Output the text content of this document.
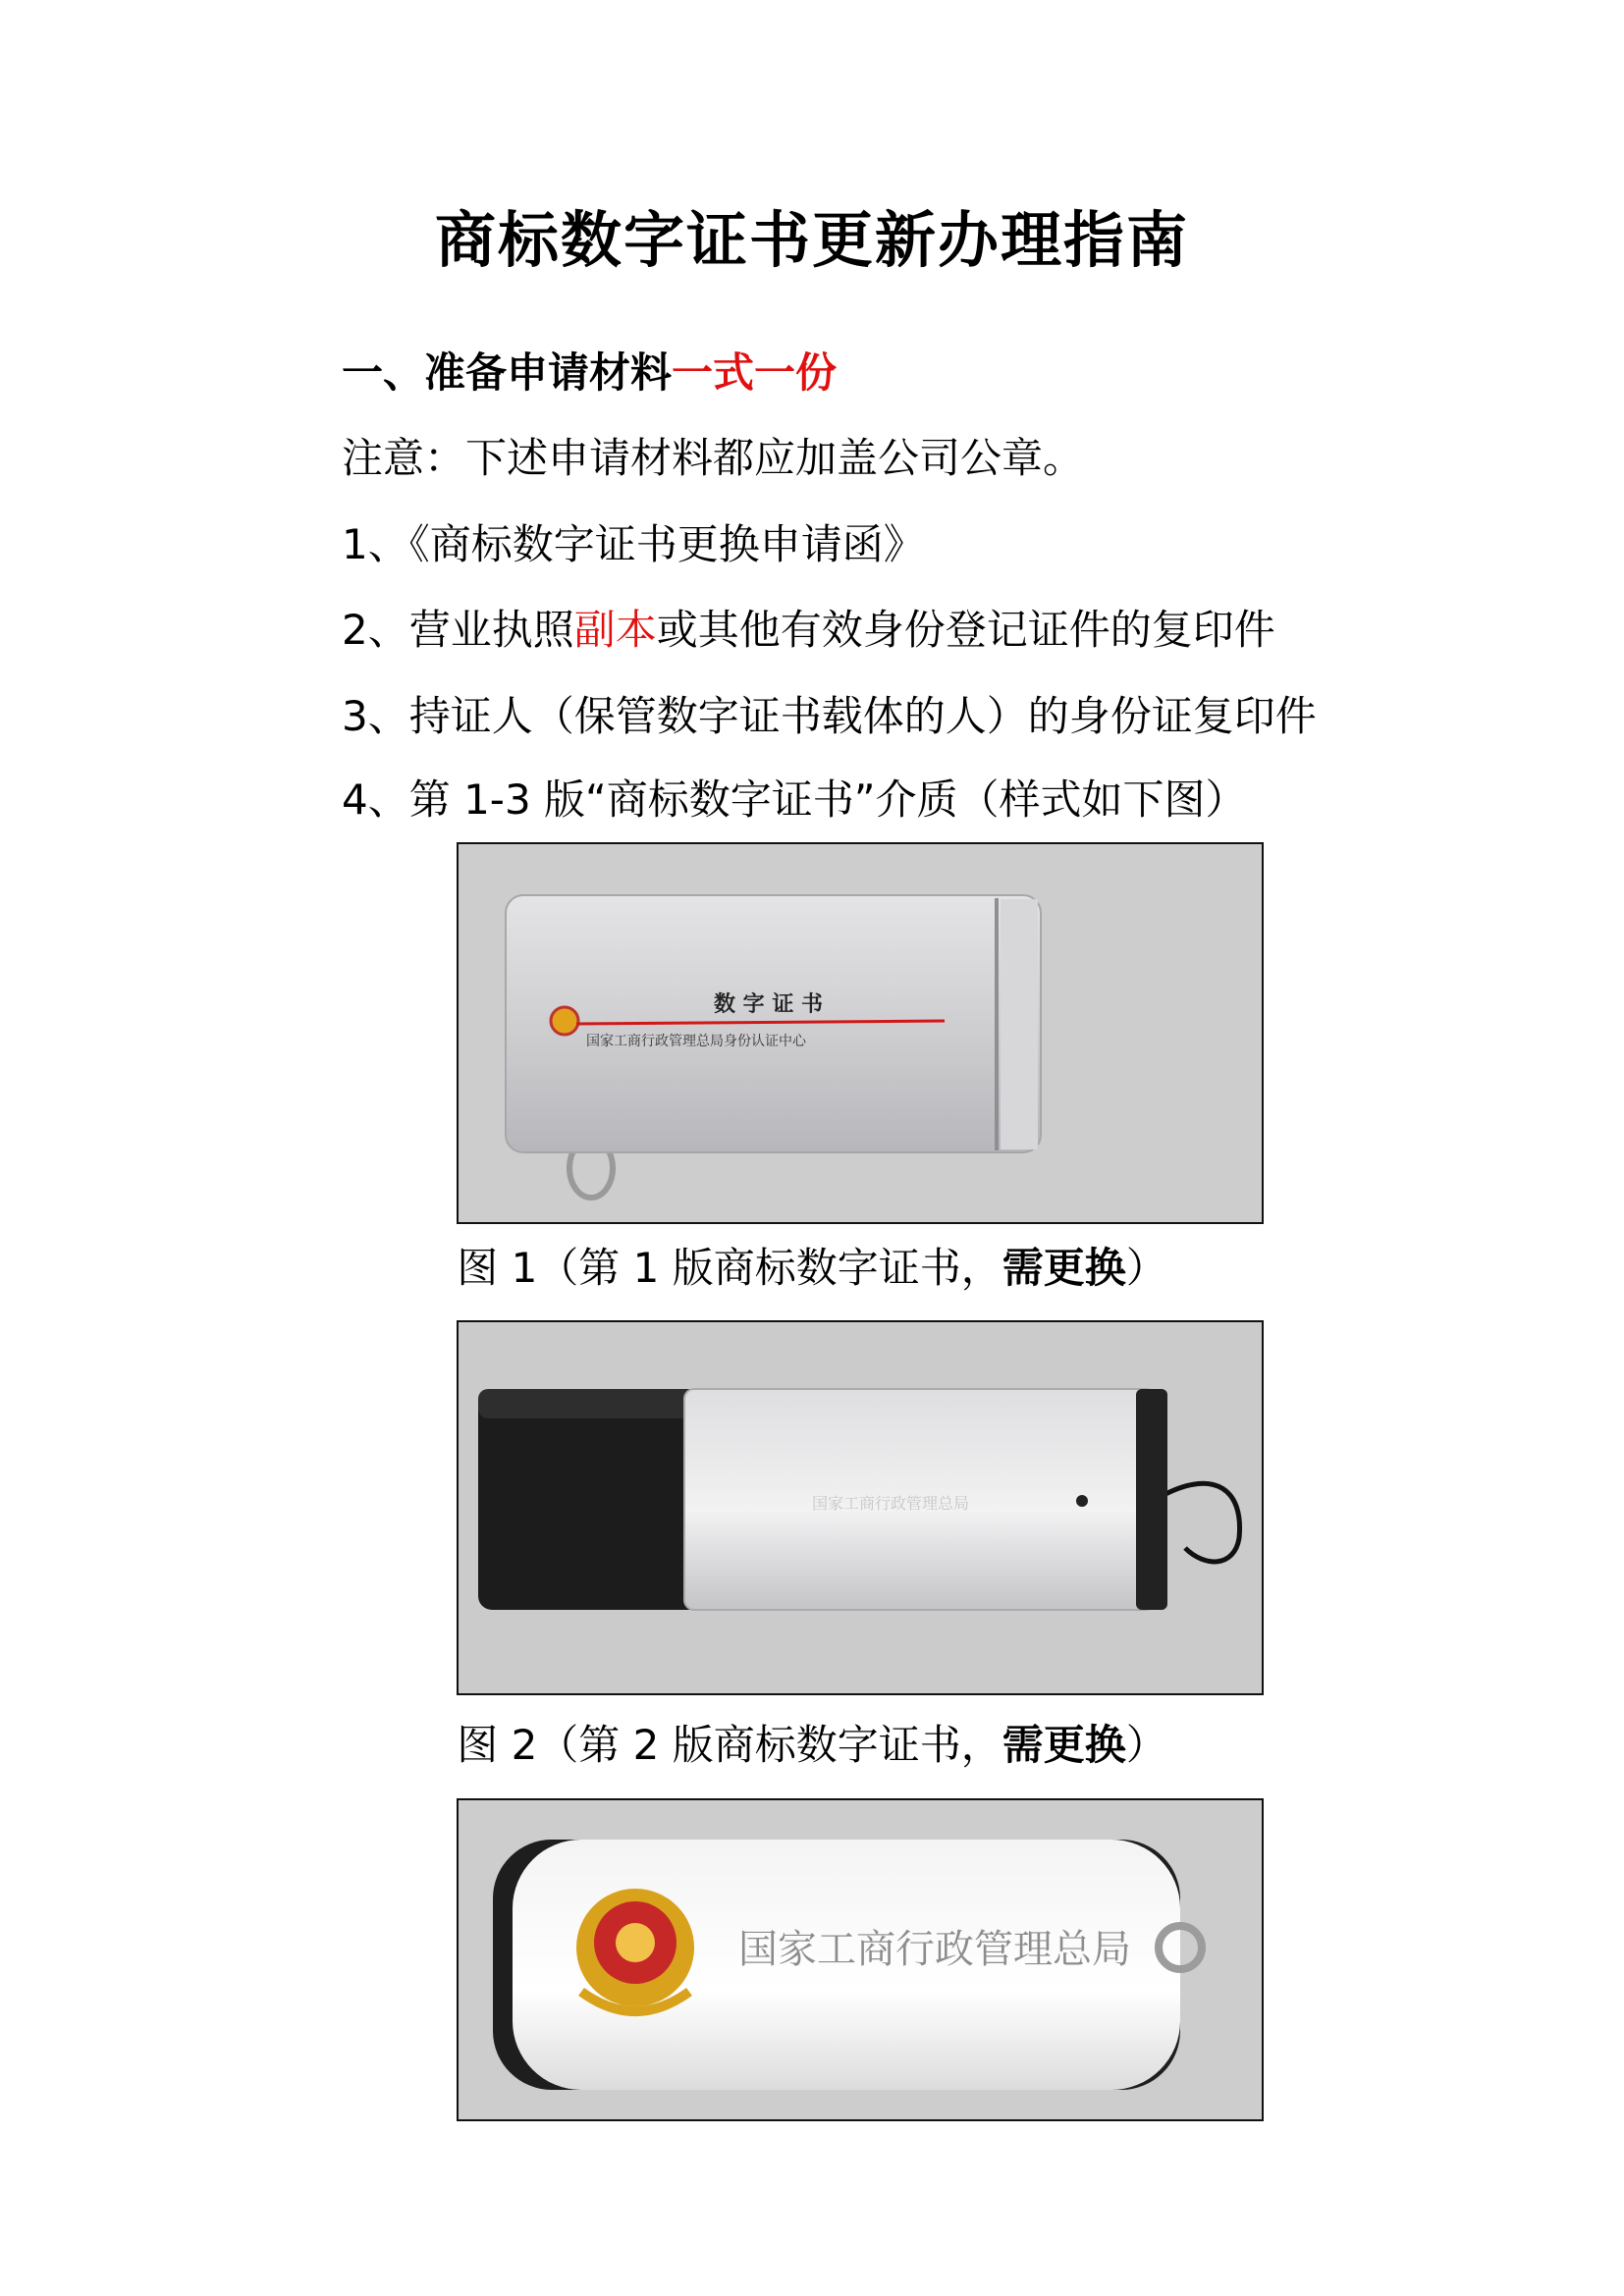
商标数字证书更新办理指南
一、准备申请材料一式一份
注意：下述申请材料都应加盖公司公章。
1、《商标数字证书更换申请函》
2、营业执照副本或其他有效身份登记证件的复印件
3、持证人（保管数字证书载体的人）的身份证复印件
4、第 1-3 版“商标数字证书”介质（样式如下图）
数 字 证 书
国家工商行政管理总局身份认证中心
图 1（第 1 版商标数字证书，需更换）
国家工商行政管理总局
图 2（第 2 版商标数字证书，需更换）
国家工商行政管理总局
